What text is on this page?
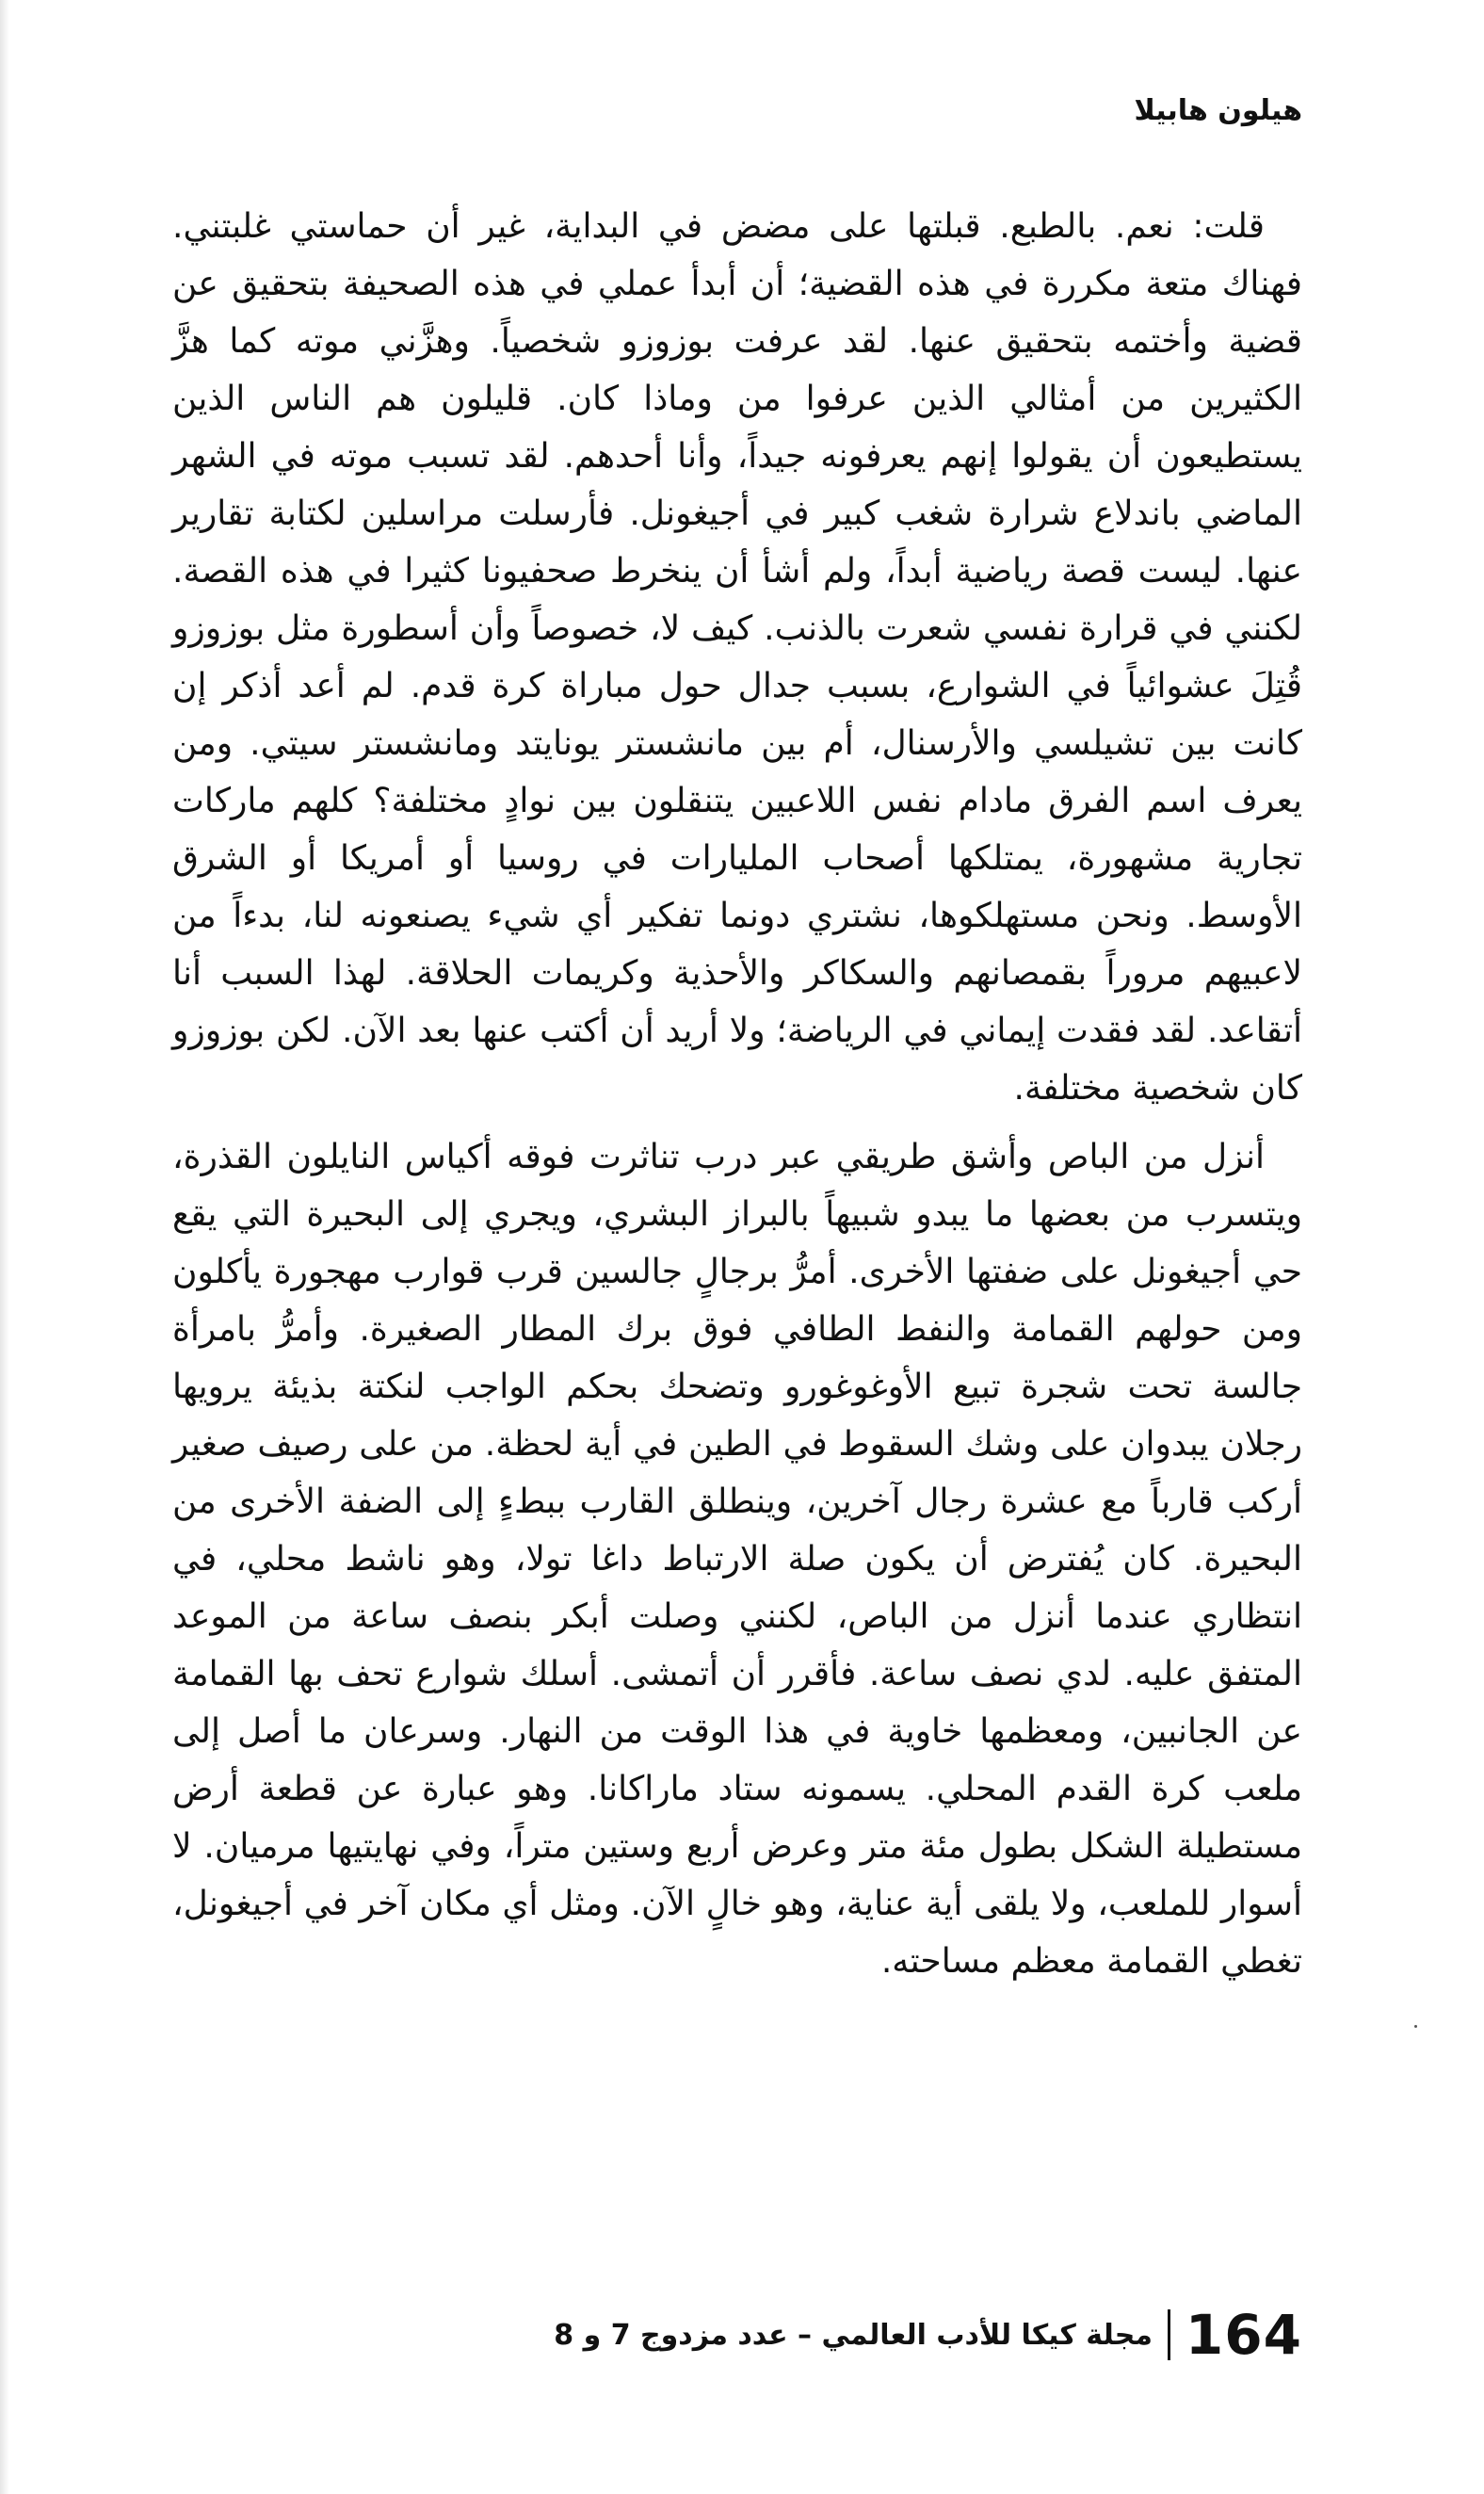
هيلون هابيلا

قلت: نعم. بالطبع. قبلتها على مضض في البداية، غير أن حماستي غلبتني. فهناك متعة مكررة في هذه القضية؛ أن أبدأ عملي في هذه الصحيفة بتحقيق عن قضية وأختمه بتحقيق عنها. لقد عرفت بوزوزو شخصياً. وهزَّني موته كما هزَّ الكثيرين من أمثالي الذين عرفوا من وماذا كان. قليلون هم الناس الذين يستطيعون أن يقولوا إنهم يعرفونه جيداً، وأنا أحدهم. لقد تسبب موته في الشهر الماضي باندلاع شرارة شغب كبير في أجيغونل. فأرسلت مراسلين لكتابة تقارير عنها. ليست قصة رياضية أبداً، ولم أشأ أن ينخرط صحفيونا كثيرا في هذه القصة. لكنني في قرارة نفسي شعرت بالذنب. كيف لا، خصوصاً وأن أسطورة مثل بوزوزو قُتِلَ عشوائياً في الشوارع، بسبب جدال حول مباراة كرة قدم. لم أعد أذكر إن كانت بين تشيلسي والأرسنال، أم بين مانشستر يونايتد ومانشستر سيتي. ومن يعرف اسم الفرق مادام نفس اللاعبين يتنقلون بين نوادٍ مختلفة؟ كلهم ماركات تجارية مشهورة، يمتلكها أصحاب المليارات في روسيا أو أمريكا أو الشرق الأوسط. ونحن مستهلكوها، نشتري دونما تفكير أي شيء يصنعونه لنا، بدءاً من لاعبيهم مروراً بقمصانهم والسكاكر والأحذية وكريمات الحلاقة. لهذا السبب أنا أتقاعد. لقد فقدت إيماني في الرياضة؛ ولا أريد أن أكتب عنها بعد الآن. لكن بوزوزو كان شخصية مختلفة.

أنزل من الباص وأشق طريقي عبر درب تناثرت فوقه أكياس النايلون القذرة، ويتسرب من بعضها ما يبدو شبيهاً بالبراز البشري، ويجري إلى البحيرة التي يقع حي أجيغونل على ضفتها الأخرى. أمرُّ برجالٍ جالسين قرب قوارب مهجورة يأكلون ومن حولهم القمامة والنفط الطافي فوق برك المطار الصغيرة. وأمرُّ بامرأة جالسة تحت شجرة تبيع الأوغوغورو وتضحك بحكم الواجب لنكتة بذيئة يرويها رجلان يبدوان على وشك السقوط في الطين في أية لحظة. من على رصيف صغير أركب قارباً مع عشرة رجال آخرين، وينطلق القارب ببطءٍ إلى الضفة الأخرى من البحيرة. كان يُفترض أن يكون صلة الارتباط داغا تولا، وهو ناشط محلي، في انتظاري عندما أنزل من الباص، لكنني وصلت أبكر بنصف ساعة من الموعد المتفق عليه. لدي نصف ساعة. فأقرر أن أتمشى. أسلك شوارع تحف بها القمامة عن الجانبين، ومعظمها خاوية في هذا الوقت من النهار. وسرعان ما أصل إلى ملعب كرة القدم المحلي. يسمونه ستاد ماراكانا. وهو عبارة عن قطعة أرض مستطيلة الشكل بطول مئة متر وعرض أربع وستين متراً، وفي نهايتيها مرميان. لا أسوار للملعب، ولا يلقى أية عناية، وهو خالٍ الآن. ومثل أي مكان آخر في أجيغونل، تغطي القمامة معظم مساحته.

164
مجلة كيكا للأدب العالمي – عدد مزدوج 7 و 8
